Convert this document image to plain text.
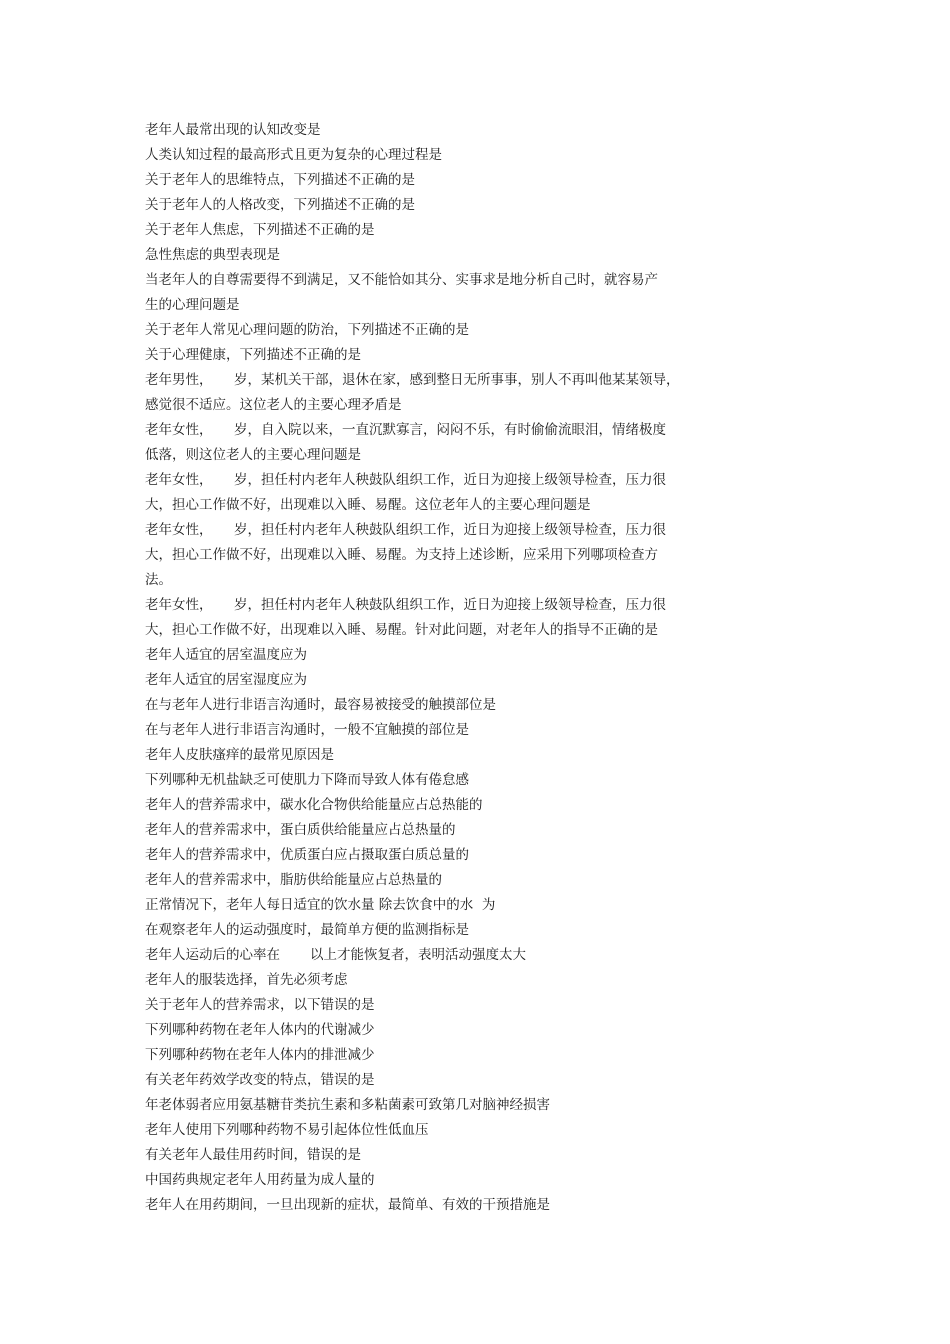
老年人最常出现的认知改变是

人类认知过程的最高形式且更为复杂的心理过程是

关于老年人的思维特点，下列描述不正确的是

关于老年人的人格改变，下列描述不正确的是

关于老年人焦虑，下列描述不正确的是

急性焦虑的典型表现是

当老年人的自尊需要得不到满足，又不能恰如其分、实事求是地分析自己时，就容易产

生的心理问题是

关于老年人常见心理问题的防治，下列描述不正确的是

关于心理健康，下列描述不正确的是

老年男性，     岁，某机关干部，退休在家，感到整日无所事事，别人不再叫他某某领导，

感觉很不适应。这位老人的主要心理矛盾是

老年女性，     岁，自入院以来，一直沉默寡言，闷闷不乐，有时偷偷流眼泪，情绪极度

低落，则这位老人的主要心理问题是

老年女性，     岁，担任村内老年人秧鼓队组织工作，近日为迎接上级领导检查，压力很

大，担心工作做不好，出现难以入睡、易醒。这位老年人的主要心理问题是

老年女性，     岁，担任村内老年人秧鼓队组织工作，近日为迎接上级领导检查，压力很

大，担心工作做不好，出现难以入睡、易醒。为支持上述诊断，应采用下列哪项检查方

法。

老年女性，     岁，担任村内老年人秧鼓队组织工作，近日为迎接上级领导检查，压力很

大，担心工作做不好，出现难以入睡、易醒。针对此问题，对老年人的指导不正确的是

老年人适宜的居室温度应为

老年人适宜的居室湿度应为

在与老年人进行非语言沟通时，最容易被接受的触摸部位是

在与老年人进行非语言沟通时，一般不宜触摸的部位是

老年人皮肤瘙痒的最常见原因是

下列哪种无机盐缺乏可使肌力下降而导致人体有倦怠感

老年人的营养需求中，碳水化合物供给能量应占总热能的

老年人的营养需求中，蛋白质供给能量应占总热量的

老年人的营养需求中，优质蛋白应占摄取蛋白质总量的

老年人的营养需求中，脂肪供给能量应占总热量的

正常情况下，老年人每日适宜的饮水量 除去饮食中的水  为

在观察老年人的运动强度时，最简单方便的监测指标是

老年人运动后的心率在       以上才能恢复者，表明活动强度太大

老年人的服装选择，首先必须考虑

关于老年人的营养需求，以下错误的是

下列哪种药物在老年人体内的代谢减少

下列哪种药物在老年人体内的排泄减少

有关老年药效学改变的特点，错误的是

年老体弱者应用氨基糖苷类抗生素和多粘菌素可致第几对脑神经损害

老年人使用下列哪种药物不易引起体位性低血压

有关老年人最佳用药时间，错误的是

中国药典规定老年人用药量为成人量的

老年人在用药期间，一旦出现新的症状，最简单、有效的干预措施是
